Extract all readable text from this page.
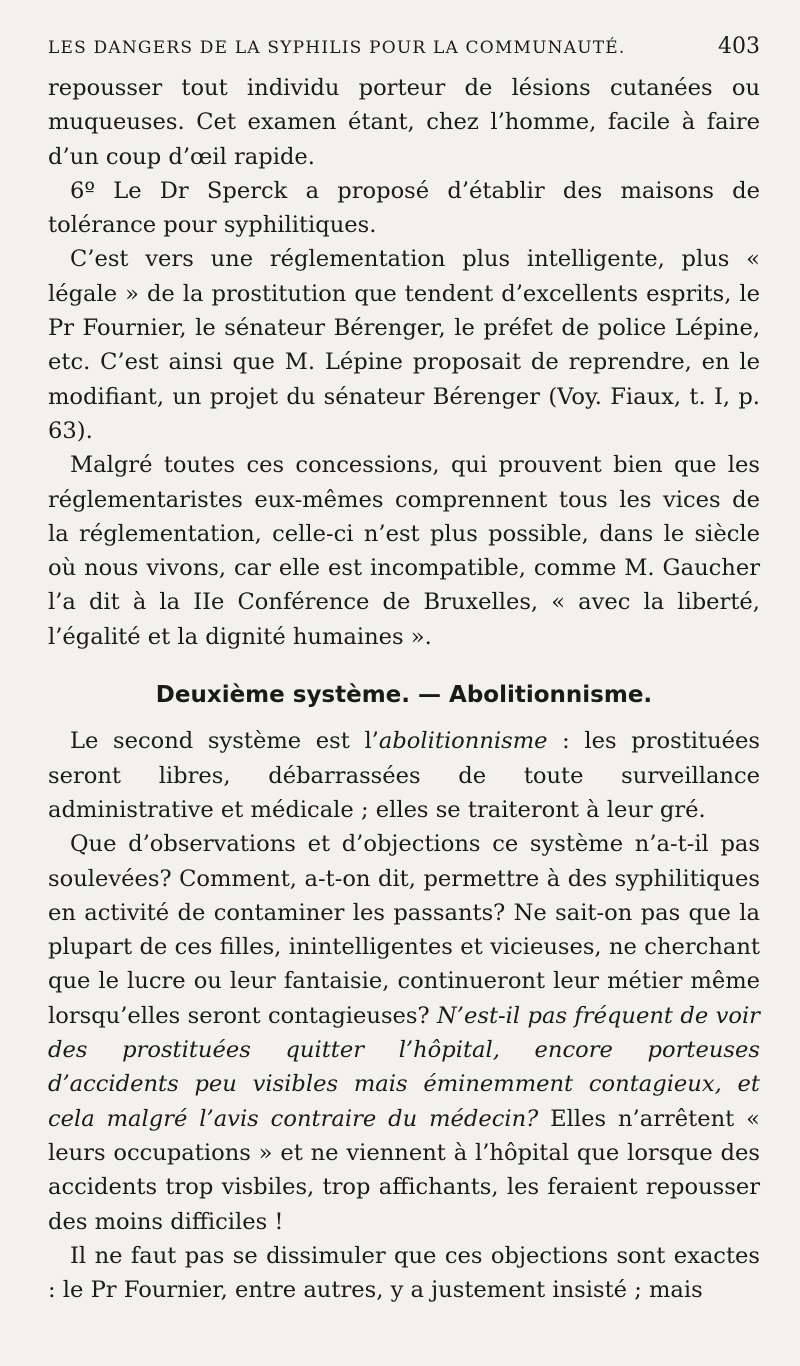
LES DANGERS DE LA SYPHILIS POUR LA COMMUNAUTÉ.	403

repousser tout individu porteur de lésions cutanées ou muqueuses. Cet examen étant, chez l’homme, facile à faire d’un coup d’œil rapide.

6º Le Dr Sperck a proposé d’établir des maisons de tolérance pour syphilitiques.

C’est vers une réglementation plus intelligente, plus « légale » de la prostitution que tendent d’excellents esprits, le Pr Fournier, le sénateur Bérenger, le préfet de police Lépine, etc. C’est ainsi que M. Lépine proposait de reprendre, en le modifiant, un projet du sénateur Bérenger (Voy. Fiaux, t. I, p. 63).

Malgré toutes ces concessions, qui prouvent bien que les réglementaristes eux-mêmes comprennent tous les vices de la réglementation, celle-ci n’est plus possible, dans le siècle où nous vivons, car elle est incompatible, comme M. Gaucher l’a dit à la IIe Conférence de Bruxelles, « avec la liberté, l’égalité et la dignité humaines ».

Deuxième système. — Abolitionnisme.

Le second système est l’abolitionnisme : les prostituées seront libres, débarrassées de toute surveillance administrative et médicale ; elles se traiteront à leur gré.

Que d’observations et d’objections ce système n’a-t-il pas soulevées? Comment, a-t-on dit, permettre à des syphilitiques en activité de contaminer les passants? Ne sait-on pas que la plupart de ces filles, inintelligentes et vicieuses, ne cherchant que le lucre ou leur fantaisie, continueront leur métier même lorsqu’elles seront contagieuses? N’est-il pas fréquent de voir des prostituées quitter l’hôpital, encore porteuses d’accidents peu visibles mais éminemment contagieux, et cela malgré l’avis contraire du médecin? Elles n’arrêtent « leurs occupations » et ne viennent à l’hôpital que lorsque des accidents trop visbiles, trop affichants, les feraient repousser des moins difficiles !

Il ne faut pas se dissimuler que ces objections sont exactes : le Pr Fournier, entre autres, y a justement insisté ; mais
